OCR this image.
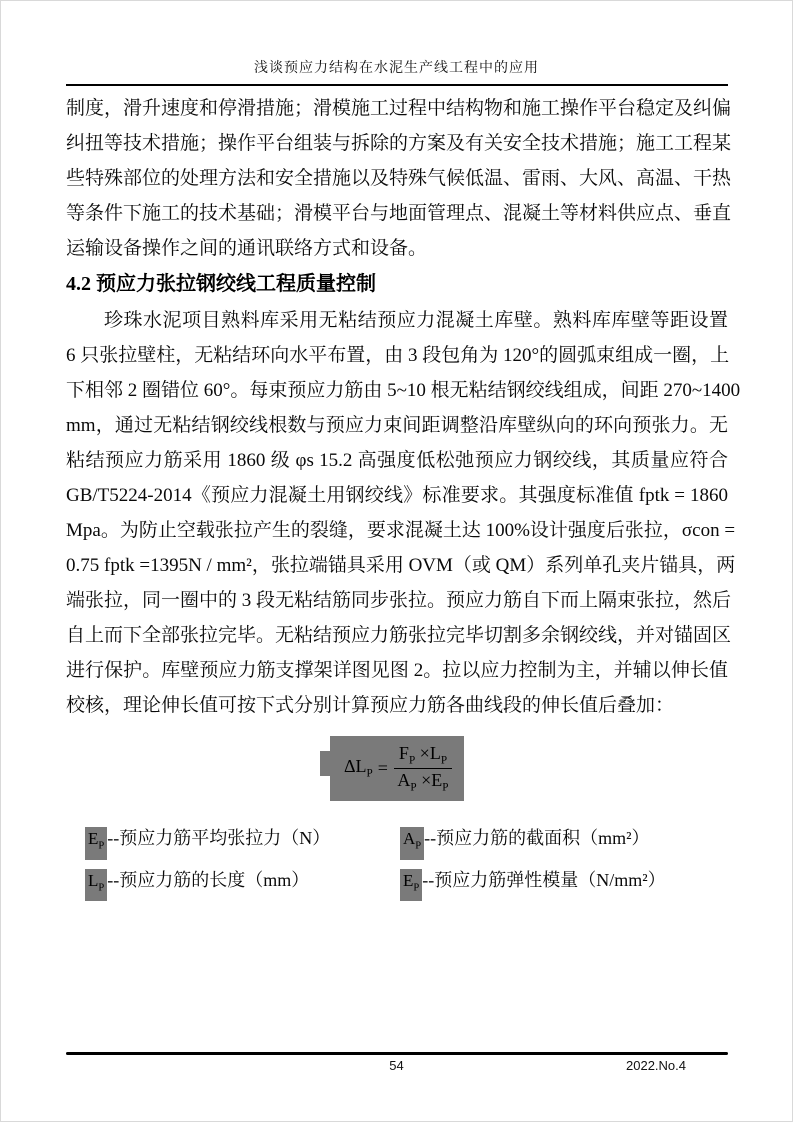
浅谈预应力结构在水泥生产线工程中的应用
制度，滑升速度和停滑措施；滑模施工过程中结构物和施工操作平台稳定及纠偏
纠扭等技术措施；操作平台组装与拆除的方案及有关安全技术措施；施工工程某
些特殊部位的处理方法和安全措施以及特殊气候低温、雷雨、大风、高温、干热
等条件下施工的技术基础；滑模平台与地面管理点、混凝土等材料供应点、垂直
运输设备操作之间的通讯联络方式和设备。
4.2 预应力张拉钢绞线工程质量控制
珍珠水泥项目熟料库采用无粘结预应力混凝土库壁。熟料库库壁等距设置
6 只张拉壁柱，无粘结环向水平布置，由 3 段包角为 120°的圆弧束组成一圈，上
下相邻 2 圈错位 60°。每束预应力筋由 5~10 根无粘结钢绞线组成，间距 270~1400
mm，通过无粘结钢绞线根数与预应力束间距调整沿库壁纵向的环向预张力。无
粘结预应力筋采用 1860 级 φs 15.2 高强度低松弛预应力钢绞线，其质量应符合
GB/T5224-2014《预应力混凝土用钢绞线》标准要求。其强度标准值 fptk = 1860
Mpa。为防止空载张拉产生的裂缝，要求混凝土达 100%设计强度后张拉，σcon =
0.75 fptk =1395N / mm²，张拉端锚具采用 OVM（或 QM）系列单孔夹片锚具，两
端张拉，同一圈中的 3 段无粘结筋同步张拉。预应力筋自下而上隔束张拉，然后
自上而下全部张拉完毕。无粘结预应力筋张拉完毕切割多余钢绞线，并对锚固区
进行保护。库壁预应力筋支撑架详图见图 2。拉以应力控制为主，并辅以伸长值
校核，理论伸长值可按下式分别计算预应力筋各曲线段的伸长值后叠加：
$\Delta L_P = \frac{F_P \times L_P}{A_P \times E_P}$
$E_P$ --预应力筋平均张拉力（N）	$A_P$ --预应力筋的截面积（mm²）
$L_P$ --预应力筋的长度（mm）	$E_P$ --预应力筋弹性模量（N/mm²）
54	2022.No.4
